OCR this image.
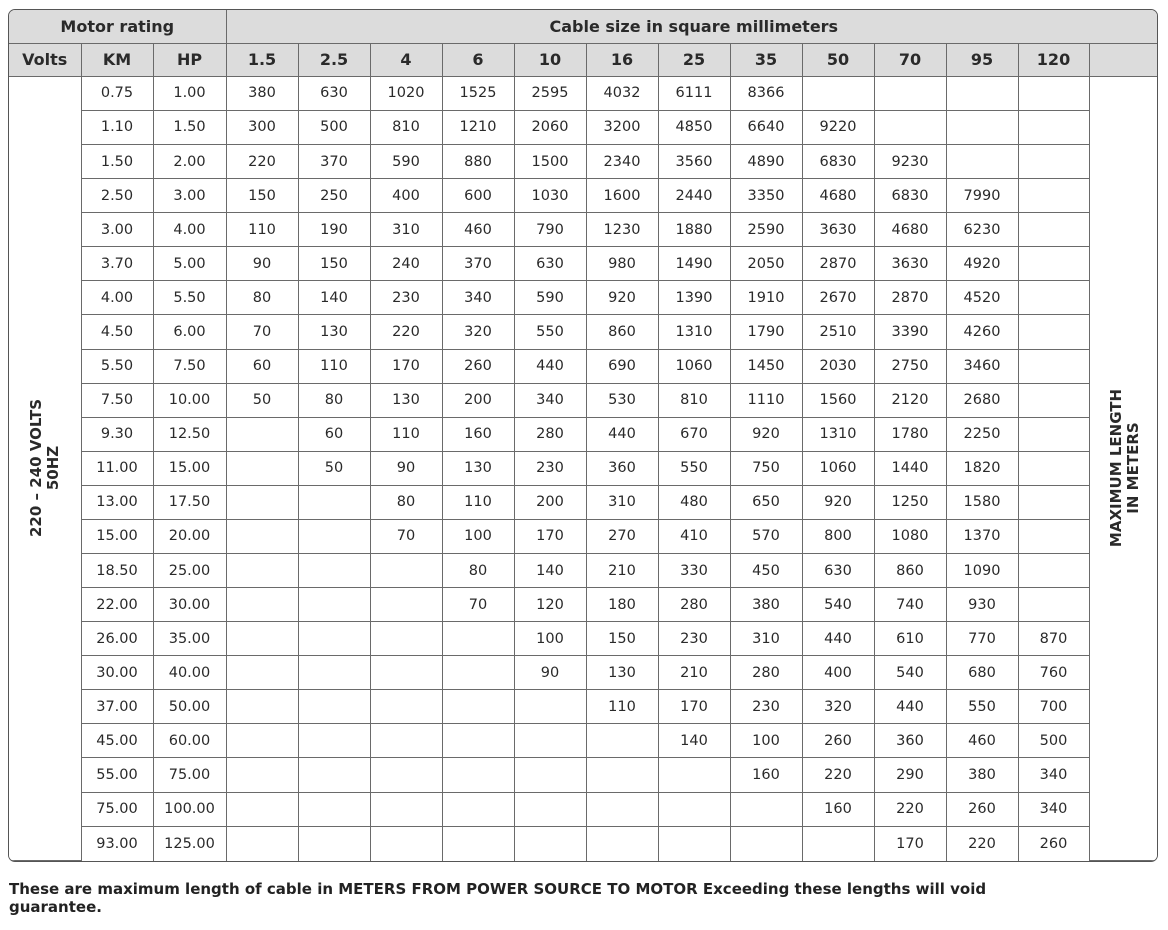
Motor rating			Cable size in square millimeters												
Volts	KM	HP	1.5	2.5	4	6	10	16	25	35	50	70	95	120	

220 – 240 VOLTS 50HZ	0.75	1.00	380	630	1020	1525	2595	4032	6111	8366					MAXIMUM LENGTH IN METERS

	1.10	1.50	300	500	810	1210	2060	3200	4850	6640	9220				
	1.50	2.00	220	370	590	880	1500	2340	3560	4890	6830	9230			
	2.50	3.00	150	250	400	600	1030	1600	2440	3350	4680	6830	7990		
	3.00	4.00	110	190	310	460	790	1230	1880	2590	3630	4680	6230		
	3.70	5.00	90	150	240	370	630	980	1490	2050	2870	3630	4920		
	4.00	5.50	80	140	230	340	590	920	1390	1910	2670	2870	4520		
	4.50	6.00	70	130	220	320	550	860	1310	1790	2510	3390	4260		
	5.50	7.50	60	110	170	260	440	690	1060	1450	2030	2750	3460		
	7.50	10.00	50	80	130	200	340	530	810	1110	1560	2120	2680		
	9.30	12.50		60	110	160	280	440	670	920	1310	1780	2250		
	11.00	15.00		50	90	130	230	360	550	750	1060	1440	1820		
	13.00	17.50			80	110	200	310	480	650	920	1250	1580		
	15.00	20.00			70	100	170	270	410	570	800	1080	1370		
	18.50	25.00				80	140	210	330	450	630	860	1090		
	22.00	30.00				70	120	180	280	380	540	740	930		
	26.00	35.00					100	150	230	310	440	610	770	870	
	30.00	40.00					90	130	210	280	400	540	680	760	
	37.00	50.00						110	170	230	320	440	550	700	
	45.00	60.00							140	100	260	360	460	500	
	55.00	75.00								160	220	290	380	340	
	75.00	100.00									160	220	260	340	
	93.00	125.00										170	220	260	
These are maximum length of cable in METERS FROM POWER SOURCE TO MOTOR Exceeding these lengths will void guarantee.
